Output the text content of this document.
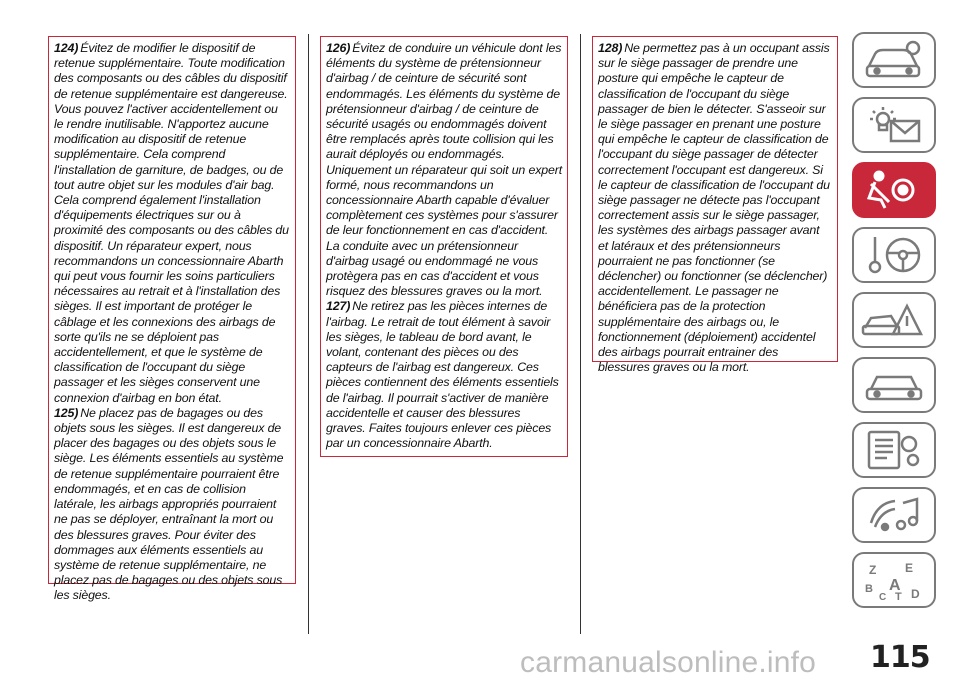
124) Évitez de modifier le dispositif de retenue supplémentaire. Toute modification des composants ou des câbles du dispositif de retenue supplémentaire est dangereuse. Vous pouvez l'activer accidentellement ou le rendre inutilisable. N'apportez aucune modification au dispositif de retenue supplémentaire. Cela comprend l'installation de garniture, de badges, ou de tout autre objet sur les modules d'air bag. Cela comprend également l'installation d'équipements électriques sur ou à proximité des composants ou des câbles du dispositif. Un réparateur expert, nous recommandons un concessionnaire Abarth qui peut vous fournir les soins particuliers nécessaires au retrait et à l'installation des sièges. Il est important de protéger le câblage et les connexions des airbags de sorte qu'ils ne se déploient pas accidentellement, et que le système de classification de l'occupant du siège passager et les sièges conservent une connexion d'airbag en bon état.

125) Ne placez pas de bagages ou des objets sous les sièges. Il est dangereux de placer des bagages ou des objets sous le siège. Les éléments essentiels au système de retenue supplémentaire pourraient être endommagés, et en cas de collision latérale, les airbags appropriés pourraient ne pas se déployer, entraînant la mort ou des blessures graves. Pour éviter des dommages aux éléments essentiels au système de retenue supplémentaire, ne placez pas de bagages ou des objets sous les sièges.

126) Évitez de conduire un véhicule dont les éléments du système de prétensionneur d'airbag / de ceinture de sécurité sont endommagés. Les éléments du système de prétensionneur d'airbag / de ceinture de sécurité usagés ou endommagés doivent être remplacés après toute collision qui les aurait déployés ou endommagés. Uniquement un réparateur qui soit un expert formé, nous recommandons un concessionnaire Abarth capable d'évaluer complètement ces systèmes pour s'assurer de leur fonctionnement en cas d'accident. La conduite avec un prétensionneur d'airbag usagé ou endommagé ne vous protègera pas en cas d'accident et vous risquez des blessures graves ou la mort.

127) Ne retirez pas les pièces internes de l'airbag. Le retrait de tout élément à savoir les sièges, le tableau de bord avant, le volant, contenant des pièces ou des capteurs de l'airbag est dangereux. Ces pièces contiennent des éléments essentiels de l'airbag. Il pourrait s'activer de manière accidentelle et causer des blessures graves. Faites toujours enlever ces pièces par un concessionnaire Abarth.

128) Ne permettez pas à un occupant assis sur le siège passager de prendre une posture qui empêche le capteur de classification de l'occupant du siège passager de bien le détecter. S'asseoir sur le siège passager en prenant une posture qui empêche le capteur de classification de l'occupant du siège passager de détecter correctement l'occupant est dangereux. Si le capteur de classification de l'occupant du siège passager ne détecte pas l'occupant correctement assis sur le siège passager, les systèmes des airbags passager avant et latéraux et des prétensionneurs pourraient ne pas fonctionner (se déclencher) ou fonctionner (se déclencher) accidentellement. Le passager ne bénéficiera pas de la protection supplémentaire des airbags ou, le fonctionnement (déploiement) accidentel des airbags pourrait entrainer des blessures graves ou la mort.

Z E
B A
C T D
115
carmanualsonline.info
